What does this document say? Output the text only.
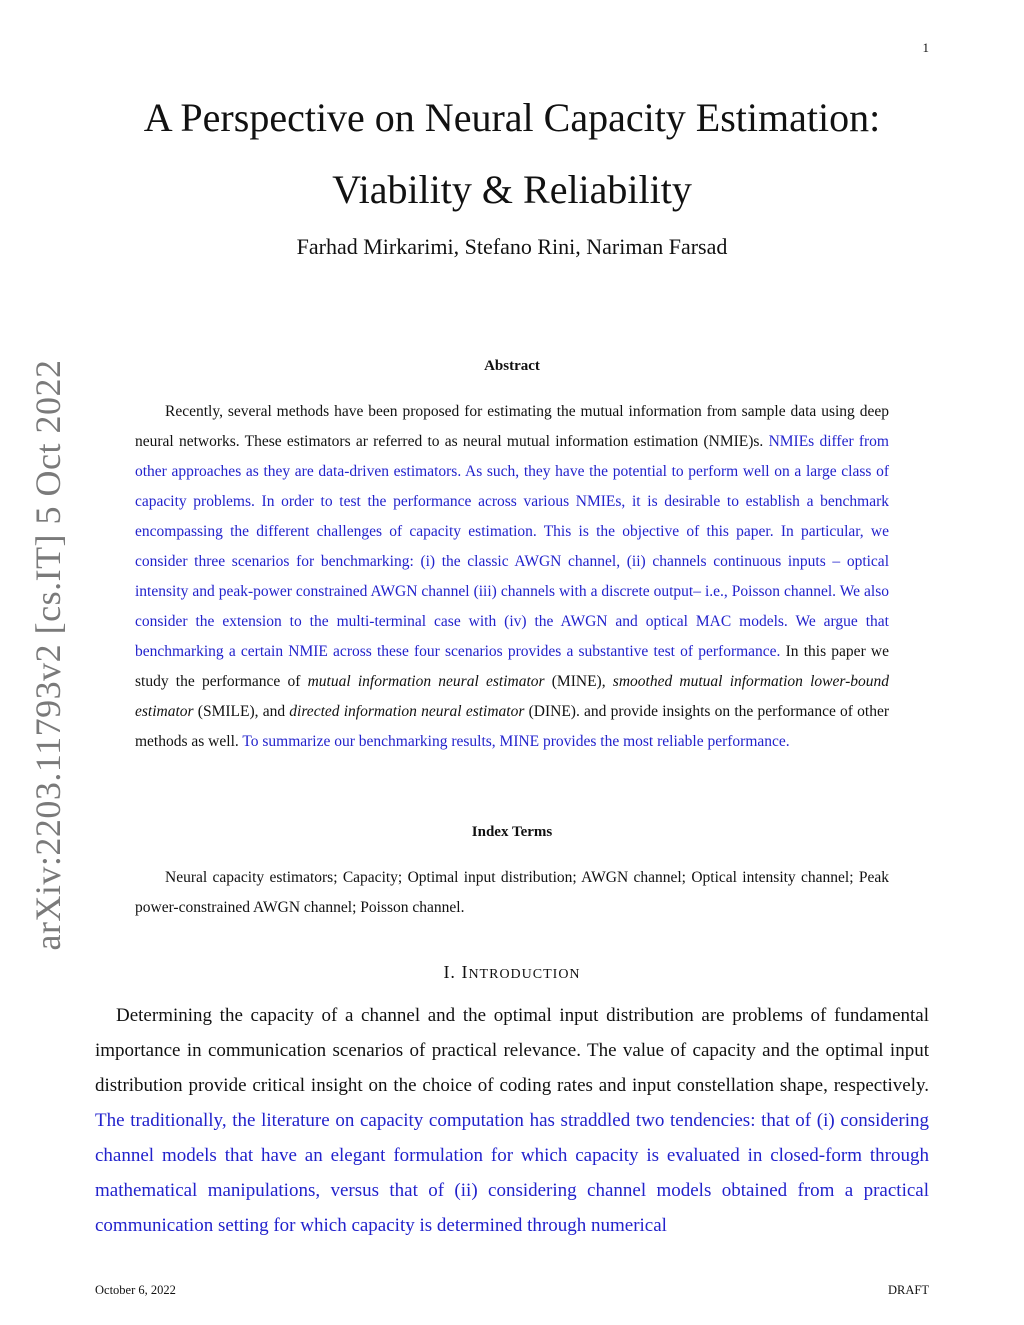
1
arXiv:2203.11793v2 [cs.IT] 5 Oct 2022
A Perspective on Neural Capacity Estimation:
Viability & Reliability
Farhad Mirkarimi, Stefano Rini, Nariman Farsad
Abstract

Recently, several methods have been proposed for estimating the mutual information from sample data using deep neural networks. These estimators ar referred to as neural mutual information estimation (NMIE)s. NMIEs differ from other approaches as they are data-driven estimators. As such, they have the potential to perform well on a large class of capacity problems. In order to test the performance across various NMIEs, it is desirable to establish a benchmark encompassing the different challenges of capacity estimation. This is the objective of this paper. In particular, we consider three scenarios for benchmarking: (i) the classic AWGN channel, (ii) channels continuous inputs – optical intensity and peak-power constrained AWGN channel (iii) channels with a discrete output– i.e., Poisson channel. We also consider the extension to the multi-terminal case with (iv) the AWGN and optical MAC models. We argue that benchmarking a certain NMIE across these four scenarios provides a substantive test of performance. In this paper we study the performance of mutual information neural estimator (MINE), smoothed mutual information lower-bound estimator (SMILE), and directed information neural estimator (DINE). and provide insights on the performance of other methods as well. To summarize our benchmarking results, MINE provides the most reliable performance.

Index Terms

Neural capacity estimators; Capacity; Optimal input distribution; AWGN channel; Optical intensity channel; Peak power-constrained AWGN channel; Poisson channel.

I. INTRODUCTION

Determining the capacity of a channel and the optimal input distribution are problems of fundamental importance in communication scenarios of practical relevance. The value of capacity and the optimal input distribution provide critical insight on the choice of coding rates and input constellation shape, respectively. The traditionally, the literature on capacity computation has straddled two tendencies: that of (i) considering channel models that have an elegant formulation for which capacity is evaluated in closed-form through mathematical manipulations, versus that of (ii) considering channel models obtained from a practical communication setting for which capacity is determined through numerical

October 6, 2022	DRAFT
